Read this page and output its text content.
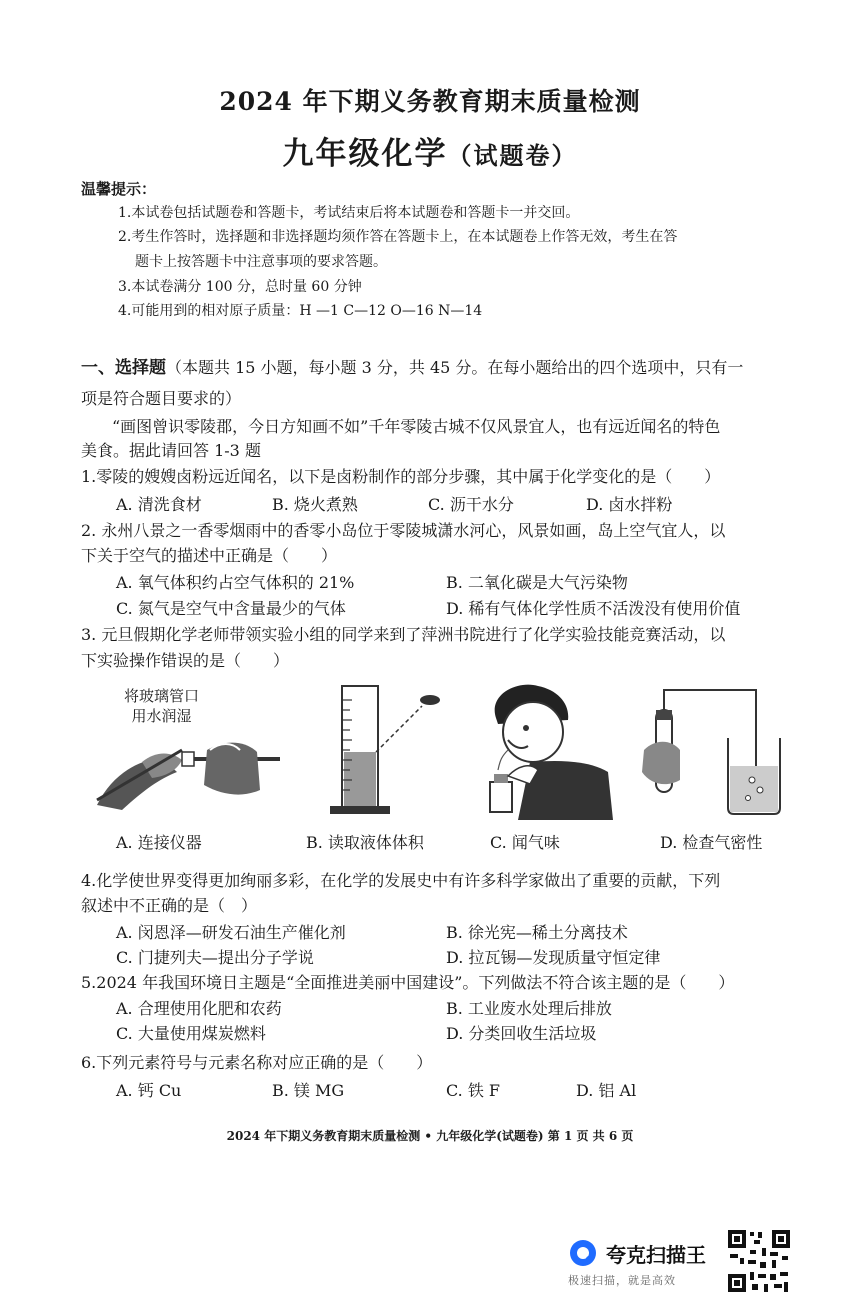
2024 年下期义务教育期末质量检测
九年级化学（试题卷）
温馨提示：
1.本试卷包括试题卷和答题卡，考试结束后将本试题卷和答题卡一并交回。
2.考生作答时，选择题和非选择题均须作答在答题卡上，在本试题卷上作答无效，考生在答
题卡上按答题卡中注意事项的要求答题。
3.本试卷满分 100 分，总时量 60 分钟
4.可能用到的相对原子质量：H —1 C—12 O—16 N—14
一、选择题（本题共 15 小题，每小题 3 分，共 45 分。在每小题给出的四个选项中，只有一
项是符合题目要求的）
“画图曾识零陵郡，今日方知画不如”千年零陵古城不仅风景宜人，也有远近闻名的特色
美食。据此请回答 1-3 题
1.零陵的嫂嫂卤粉远近闻名，以下是卤粉制作的部分步骤，其中属于化学变化的是（　　）
A. 清洗食材	B. 烧火煮熟	C. 沥干水分	D. 卤水拌粉
2. 永州八景之一香零烟雨中的香零小岛位于零陵城潇水河心，风景如画，岛上空气宜人，以
下关于空气的描述中正确是（　　）
A. 氧气体积约占空气体积的 21%	B. 二氧化碳是大气污染物
C. 氮气是空气中含量最少的气体	D. 稀有气体化学性质不活泼没有使用价值
3. 元旦假期化学老师带领实验小组的同学来到了萍洲书院进行了化学实验技能竞赛活动，以
下实验操作错误的是（　　）
将玻璃管口
用水润湿
A. 连接仪器	B. 读取液体体积	C. 闻气味	D. 检查气密性
4.化学使世界变得更加绚丽多彩，在化学的发展史中有许多科学家做出了重要的贡献，下列
叙述中不正确的是（　）
A. 闵恩泽—研发石油生产催化剂	B. 徐光宪—稀土分离技术
C. 门捷列夫—提出分子学说	D. 拉瓦锡—发现质量守恒定律
5.2024 年我国环境日主题是“全面推进美丽中国建设”。下列做法不符合该主题的是（　　）
A. 合理使用化肥和农药	B. 工业废水处理后排放
C. 大量使用煤炭燃料	D. 分类回收生活垃圾
6.下列元素符号与元素名称对应正确的是（　　）
A. 钙 Cu	B. 镁 MG	C. 铁 F	D. 铝 Al
2024 年下期义务教育期末质量检测 • 九年级化学(试题卷) 第 1 页 共 6 页
夸克扫描王
极速扫描，就是高效
